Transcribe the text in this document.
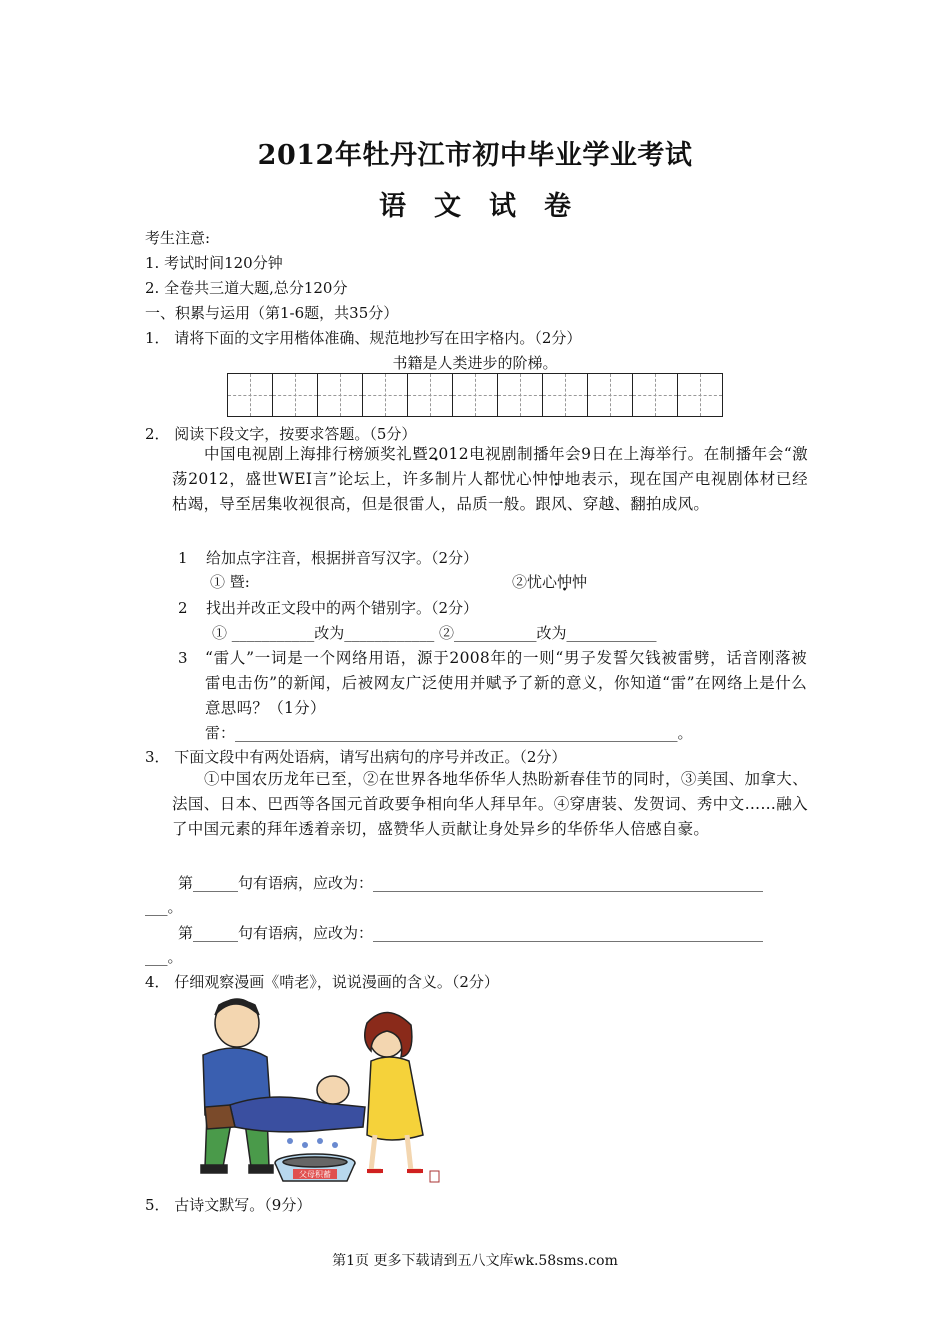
2012年牡丹江市初中毕业学业考试
语文试卷
考生注意:
1. 考试时间120分钟
2. 全卷共三道大题,总分120分
一、积累与运用（第1-6题，共35分）
1． 请将下面的文字用楷体准确、规范地抄写在田字格内。（2分）
书籍是人类进步的阶梯。
2． 阅读下段文字，按要求答题。（5分）
中国电视剧上海排行榜颁奖礼暨2012电视剧制播年会9日在上海举行。在制播年会“激荡2012，盛世WEI言”论坛上，许多制片人都忧心忡忡地表示，现在国产电视剧体材已经枯竭，导至居集收视很高，但是很雷人，品质一般。跟风、穿越、翻拍成风。
1 给加点字注音，根据拼音写汉字。（2分）
① 暨:	②忧心忡忡
2 找出并改正文段中的两个错别字。（2分）
① ___________改为____________ ②___________改为____________
3 “雷人”一词是一个网络用语，源于2008年的一则“男子发誓欠钱被雷劈，话音刚落被雷电击伤”的新闻，后被网友广泛使用并赋予了新的意义，你知道“雷”在网络上是什么意思吗？（1分）
雷：___________________________________________________________。
3． 下面文段中有两处语病，请写出病句的序号并改正。（2分）
①中国农历龙年已至，②在世界各地华侨华人热盼新春佳节的同时，③美国、加拿大、法国、日本、巴西等各国元首政要争相向华人拜早年。④穿唐装、发贺词、秀中文……融入了中国元素的拜年透着亲切，盛赞华人贡献让身处异乡的华侨华人倍感自豪。
第______句有语病，应改为：____________________________________________________
___。
第______句有语病，应改为：____________________________________________________
___。
4． 仔细观察漫画《啃老》，说说漫画的含义。（2分）
父母积蓄
5． 古诗文默写。（9分）
第1页 更多下载请到五八文库wk.58sms.com
